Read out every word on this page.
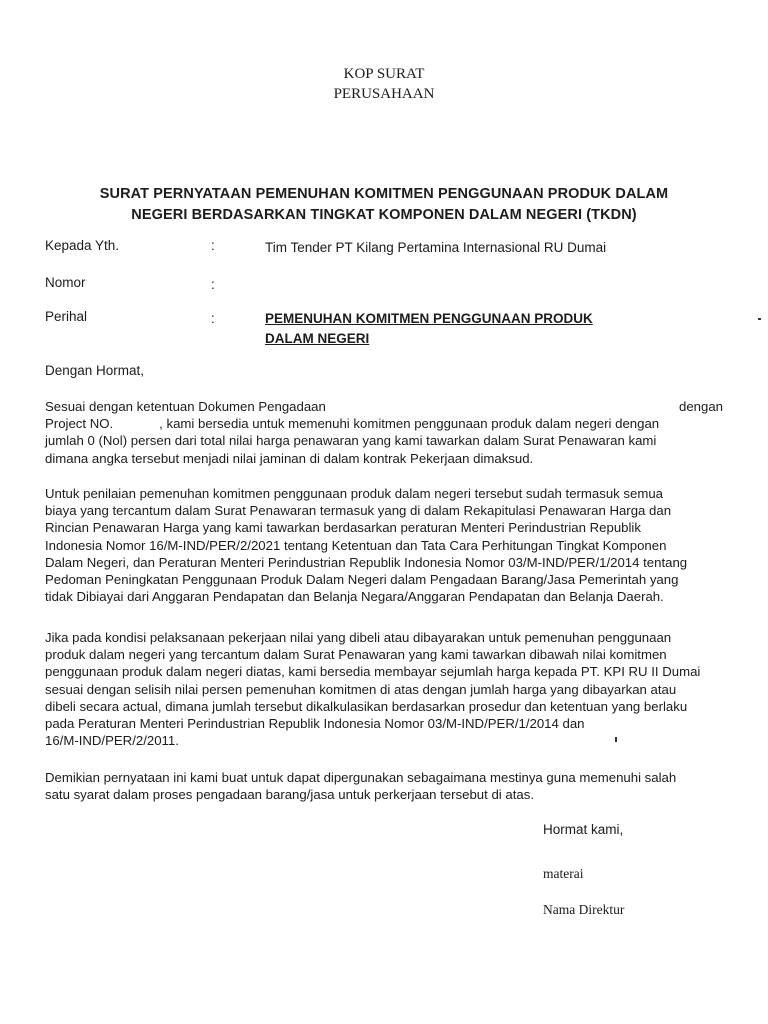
KOP SURAT
PERUSAHAAN
SURAT PERNYATAAN PEMENUHAN KOMITMEN PENGGUNAAN PRODUK DALAM
NEGERI BERDASARKAN TINGKAT KOMPONEN DALAM NEGERI (TKDN)
Kepada Yth.	:	Tim Tender PT Kilang Pertamina Internasional RU Dumai
Nomor	:
Perihal	:	PEMENUHAN KOMITMEN PENGGUNAAN PRODUK
DALAM NEGERI
Dengan Hormat,
Sesuai dengan ketentuan Dokumen Pengadaan	dengan
Project NO.	, kami bersedia untuk memenuhi komitmen penggunaan produk dalam negeri dengan
jumlah 0 (Nol) persen dari total nilai harga penawaran yang kami tawarkan dalam Surat Penawaran kami
dimana angka tersebut menjadi nilai jaminan di dalam kontrak Pekerjaan dimaksud.
Untuk penilaian pemenuhan komitmen penggunaan produk dalam negeri tersebut sudah termasuk semua
biaya yang tercantum dalam Surat Penawaran termasuk yang di dalam Rekapitulasi Penawaran Harga dan
Rincian Penawaran Harga yang kami tawarkan berdasarkan peraturan Menteri Perindustrian Republik
Indonesia Nomor 16/M-IND/PER/2/2021 tentang Ketentuan dan Tata Cara Perhitungan Tingkat Komponen
Dalam Negeri, dan Peraturan Menteri Perindustrian Republik Indonesia Nomor 03/M-IND/PER/1/2014 tentang
Pedoman Peningkatan Penggunaan Produk Dalam Negeri dalam Pengadaan Barang/Jasa Pemerintah yang
tidak Dibiayai dari Anggaran Pendapatan dan Belanja Negara/Anggaran Pendapatan dan Belanja Daerah.
Jika pada kondisi pelaksanaan pekerjaan nilai yang dibeli atau dibayarakan untuk pemenuhan penggunaan
produk dalam negeri yang tercantum dalam Surat Penawaran yang kami tawarkan dibawah nilai komitmen
penggunaan produk dalam negeri diatas, kami bersedia membayar sejumlah harga kepada PT. KPI RU II Dumai
sesuai dengan selisih nilai persen pemenuhan komitmen di atas dengan jumlah harga yang dibayarkan atau
dibeli secara actual, dimana jumlah tersebut dikalkulasikan berdasarkan prosedur dan ketentuan yang berlaku
pada Peraturan Menteri Perindustrian Republik Indonesia Nomor 03/M-IND/PER/1/2014 dan
16/M-IND/PER/2/2011.
Demikian pernyataan ini kami buat untuk dapat dipergunakan sebagaimana mestinya guna memenuhi salah
satu syarat dalam proses pengadaan barang/jasa untuk perkerjaan tersebut di atas.
Hormat kami,
materai
Nama Direktur
